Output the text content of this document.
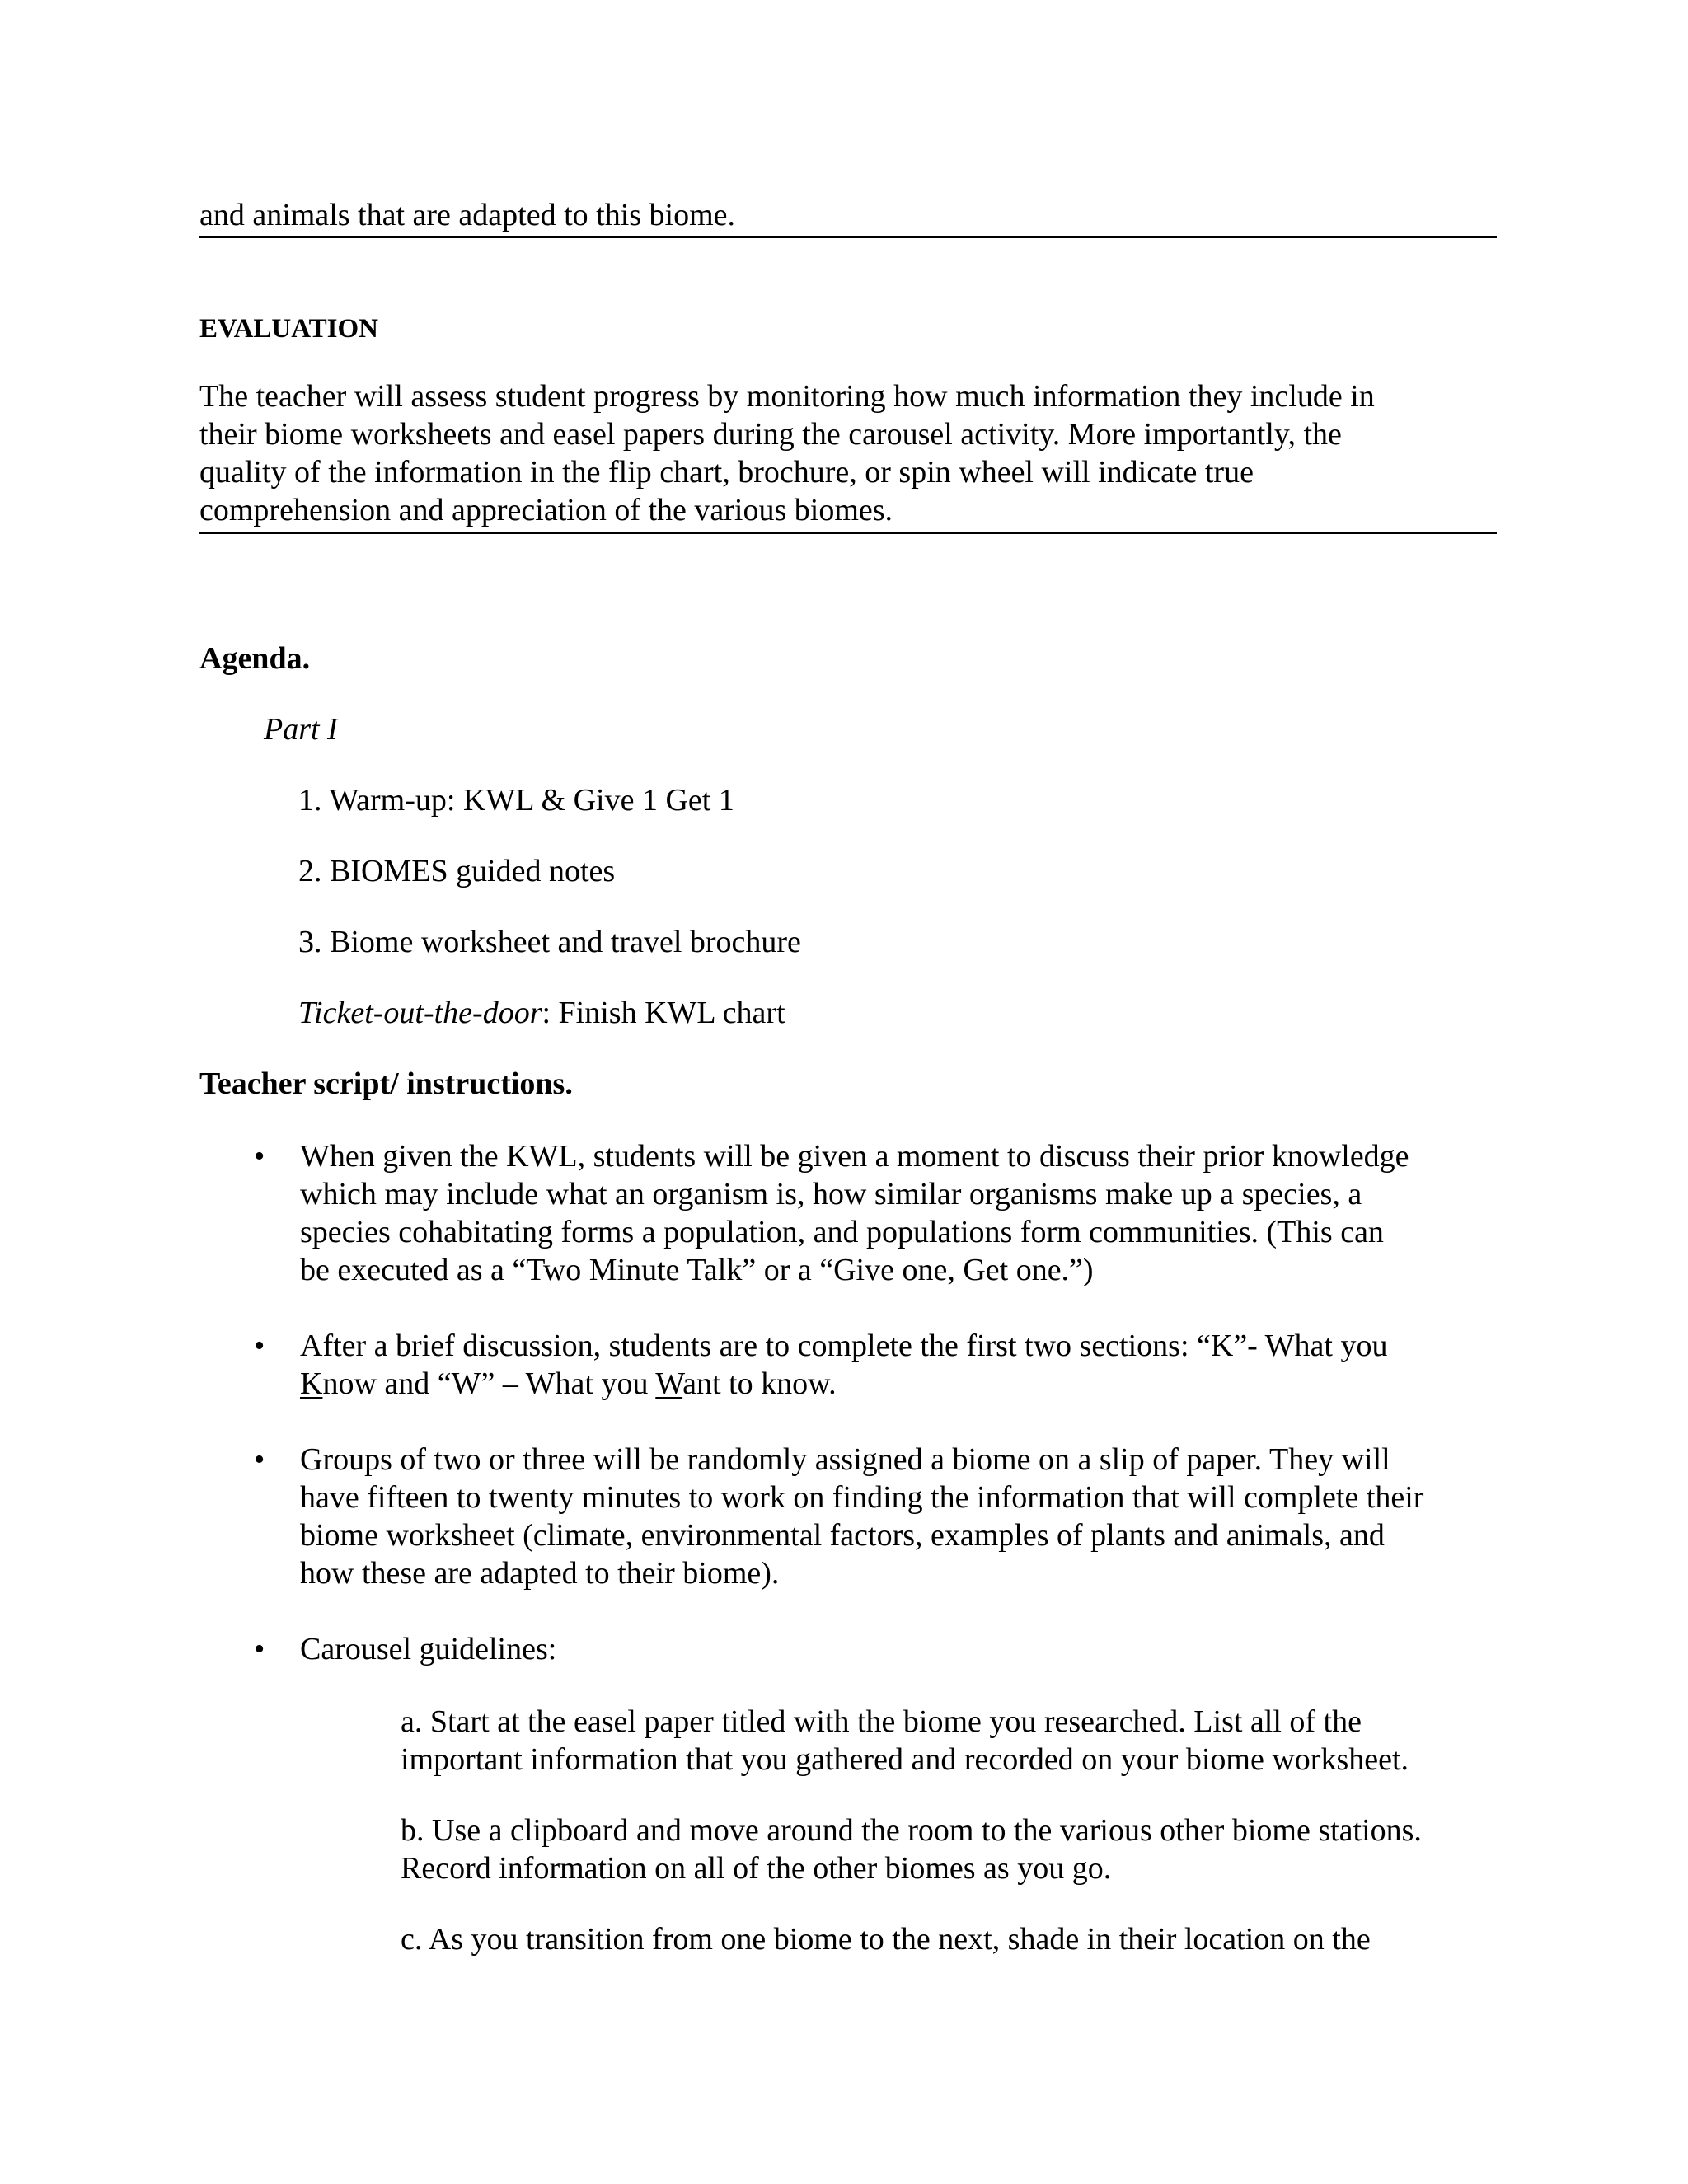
and animals that are adapted to this biome.
EVALUATION
The teacher will assess student progress by monitoring how much information they include in
their biome worksheets and easel papers during the carousel activity. More importantly, the
quality of the information in the flip chart, brochure, or spin wheel will indicate true
comprehension and appreciation of the various biomes.
Agenda.
Part I
1. Warm-up: KWL & Give 1 Get 1
2. BIOMES guided notes
3. Biome worksheet and travel brochure
Ticket-out-the-door: Finish KWL chart
Teacher script/ instructions.
• When given the KWL, students will be given a moment to discuss their prior knowledge
which may include what an organism is, how similar organisms make up a species, a
species cohabitating forms a population, and populations form communities. (This can
be executed as a “Two Minute Talk” or a “Give one, Get one.”)
• After a brief discussion, students are to complete the first two sections: “K”- What you
Know and “W” – What you Want to know.
• Groups of two or three will be randomly assigned a biome on a slip of paper. They will
have fifteen to twenty minutes to work on finding the information that will complete their
biome worksheet (climate, environmental factors, examples of plants and animals, and
how these are adapted to their biome).
• Carousel guidelines:
a. Start at the easel paper titled with the biome you researched. List all of the
important information that you gathered and recorded on your biome worksheet.
b. Use a clipboard and move around the room to the various other biome stations.
Record information on all of the other biomes as you go.
c. As you transition from one biome to the next, shade in their location on the
